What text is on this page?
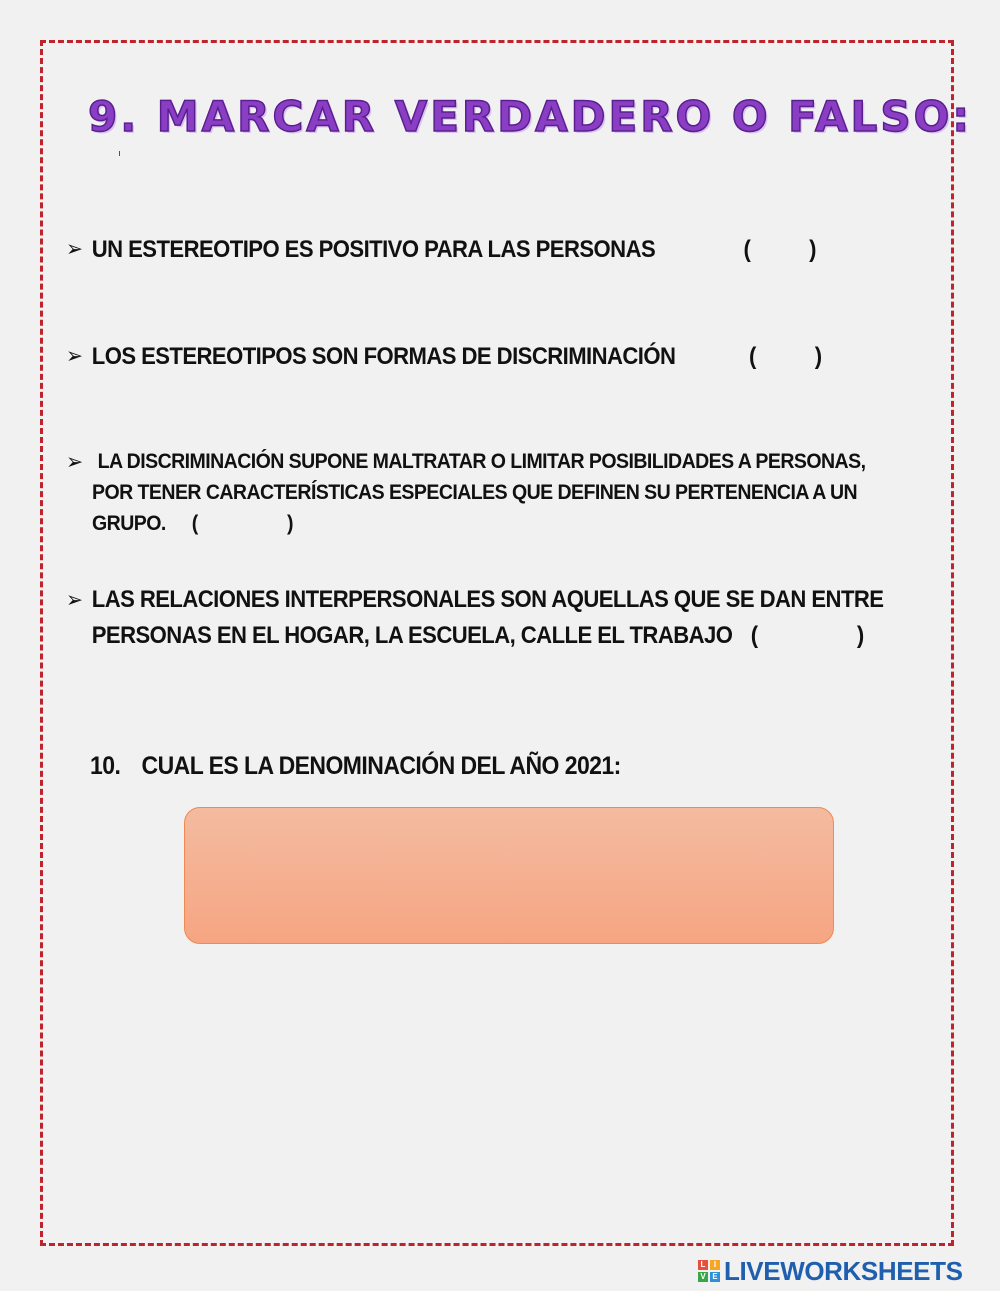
9. MARCAR VERDADERO O FALSO:
➢ UN ESTEREOTIPO ES POSITIVO PARA LAS PERSONAS	( )
➢ LOS ESTEREOTIPOS SON FORMAS DE DISCRIMINACIÓN	( )
➢ LA DISCRIMINACIÓN SUPONE MALTRATAR O LIMITAR POSIBILIDADES A PERSONAS,
POR TENER CARACTERÍSTICAS ESPECIALES QUE DEFINEN SU PERTENENCIA A UN
GRUPO. (	)
➢ LAS RELACIONES INTERPERSONALES SON AQUELLAS QUE SE DAN ENTRE
PERSONAS EN EL HOGAR, LA ESCUELA, CALLE EL TRABAJO (	)
10. CUAL ES LA DENOMINACIÓN DEL AÑO 2021:
L	I
V E LIVEWORKSHEETS
